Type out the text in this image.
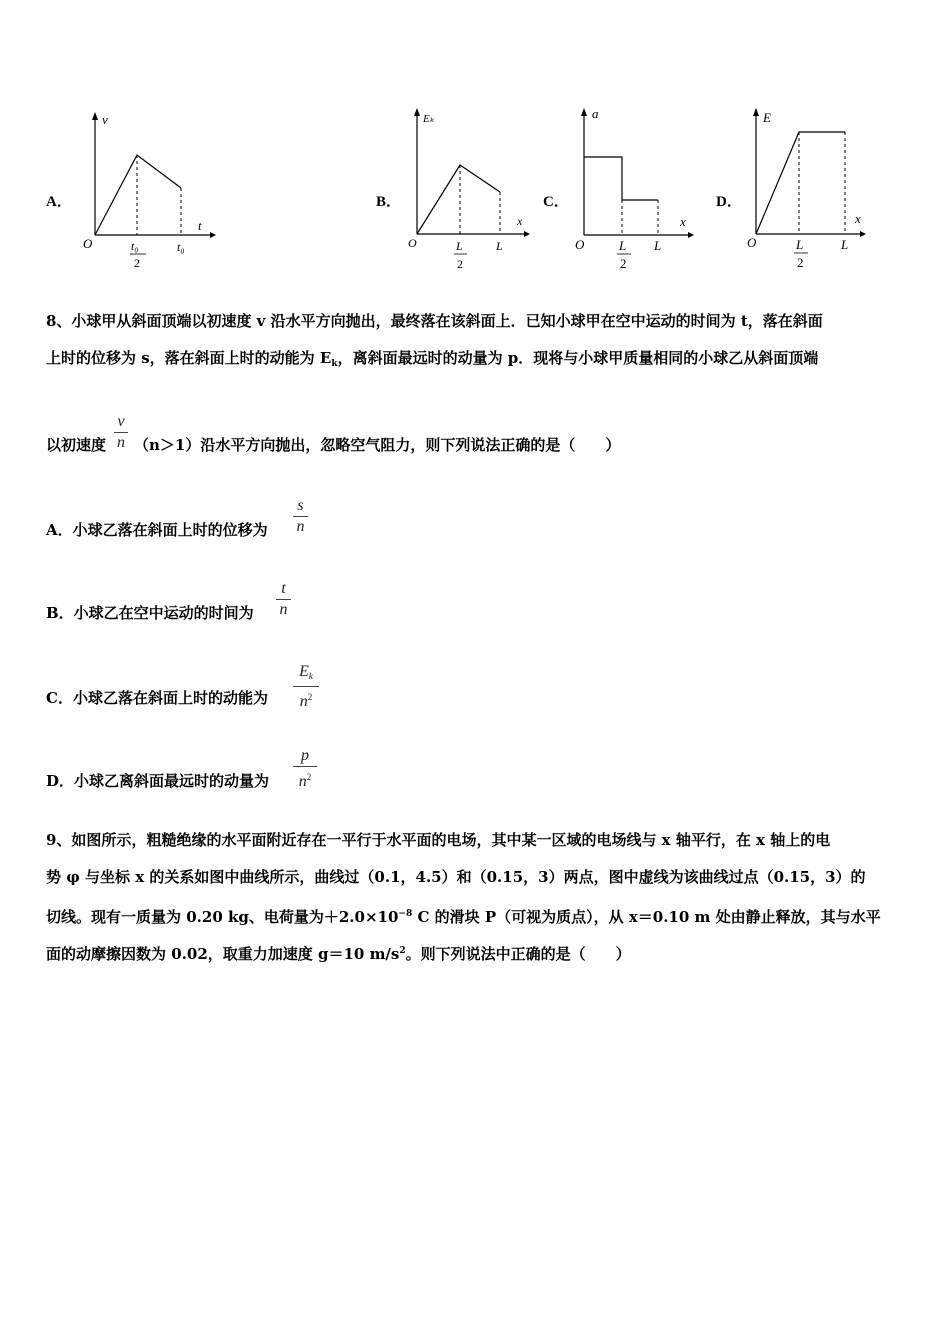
A．
v
t
O	t₀
2
t₀
B．
Eₖ
x
O	L
2
L
C．
a
x
O	L
2
L
D．
E
x
O	L
2
L
8、小球甲从斜面顶端以初速度 v 沿水平方向抛出，最终落在该斜面上．已知小球甲在空中运动的时间为 t，落在斜面
上时的位移为 s，落在斜面上时的动能为 $E_k$，离斜面最远时的动量为 p．现将与小球甲质量相同的小球乙从斜面顶端
以初速度 （n＞1）沿水平方向抛出，忽略空气阻力，则下列说法正确的是（　　）
v
n
A．小球乙落在斜面上时的位移为
s
n
B．小球乙在空中运动的时间为
t
n
C．小球乙落在斜面上时的动能为
$E_k$
$n^2$
D．小球乙离斜面最远时的动量为
p
$n^2$
9、如图所示，粗糙绝缘的水平面附近存在一平行于水平面的电场，其中某一区域的电场线与 x 轴平行，在 x 轴上的电
势 φ 与坐标 x 的关系如图中曲线所示，曲线过（0.1，4.5）和（0.15，3）两点，图中虚线为该曲线过点（0.15，3）的
切线。现有一质量为 0.20 kg、电荷量为$+2.0\times 10^{-8}$ C 的滑块 P（可视为质点），从 x＝0.10 m 处由静止释放，其与水平
面的动摩擦因数为 0.02，取重力加速度 g＝10 $m/s^2$。则下列说法中正确的是（　　）
